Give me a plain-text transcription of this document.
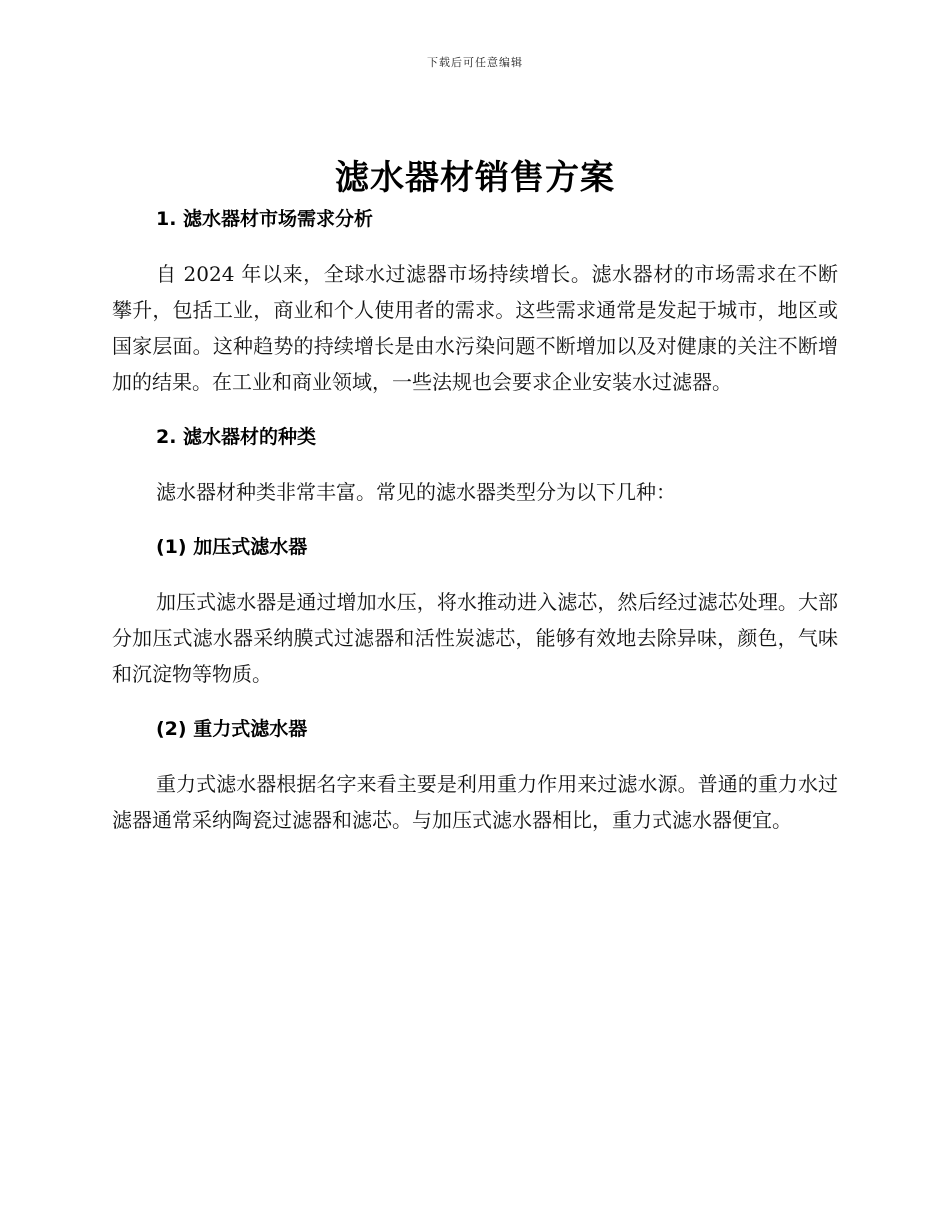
下载后可任意编辑
滤水器材销售方案
1. 滤水器材市场需求分析

自 2024 年以来，全球水过滤器市场持续增长。滤水器材的市场需求在不断攀升，包括工业，商业和个人使用者的需求。这些需求通常是发起于城市，地区或国家层面。这种趋势的持续增长是由水污染问题不断增加以及对健康的关注不断增加的结果。在工业和商业领域，一些法规也会要求企业安装水过滤器。

2. 滤水器材的种类

滤水器材种类非常丰富。常见的滤水器类型分为以下几种：

(1) 加压式滤水器

加压式滤水器是通过增加水压，将水推动进入滤芯，然后经过滤芯处理。大部分加压式滤水器采纳膜式过滤器和活性炭滤芯，能够有效地去除异味，颜色，气味和沉淀物等物质。

(2) 重力式滤水器

重力式滤水器根据名字来看主要是利用重力作用来过滤水源。普通的重力水过滤器通常采纳陶瓷过滤器和滤芯。与加压式滤水器相比，重力式滤水器便宜。
